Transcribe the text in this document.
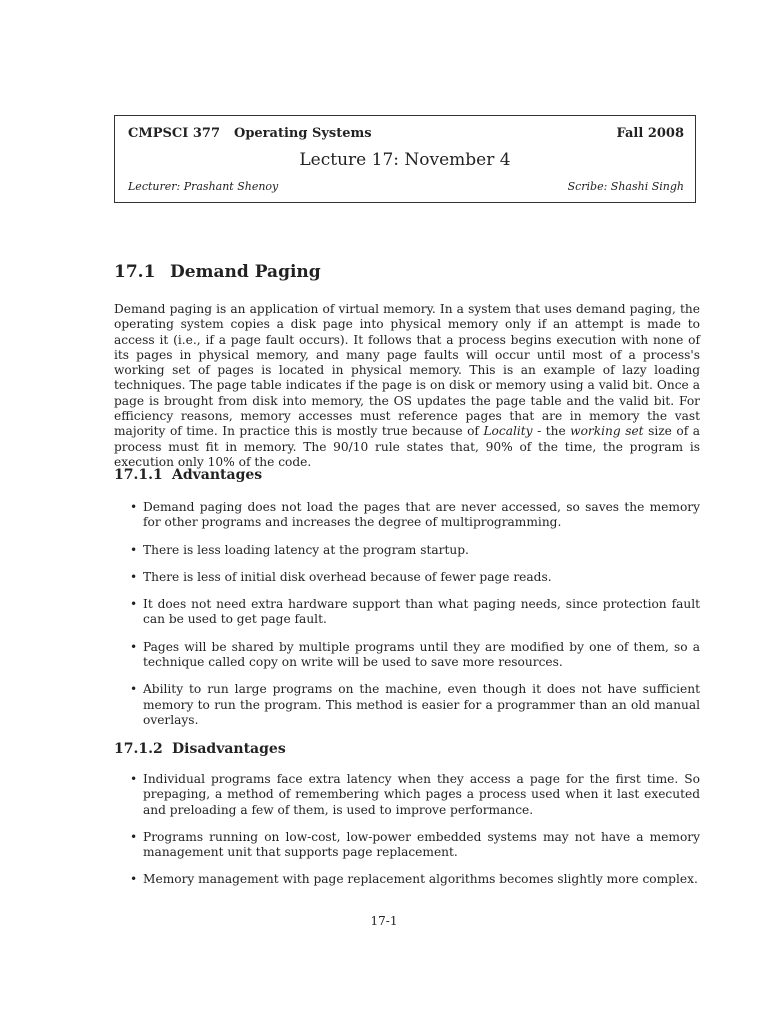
CMPSCI 377 Operating Systems	Fall 2008
Lecture 17: November 4
Lecturer: Prashant Shenoy	Scribe: Shashi Singh
17.1 Demand Paging

Demand paging is an application of virtual memory. In a system that uses demand paging, the operating system copies a disk page into physical memory only if an attempt is made to access it (i.e., if a page fault occurs). It follows that a process begins execution with none of its pages in physical memory, and many page faults will occur until most of a process's working set of pages is located in physical memory. This is an example of lazy loading techniques. The page table indicates if the page is on disk or memory using a valid bit. Once a page is brought from disk into memory, the OS updates the page table and the valid bit. For efficiency reasons, memory accesses must reference pages that are in memory the vast majority of time. In practice this is mostly true because of Locality - the working set size of a process must fit in memory. The 90/10 rule states that, 90% of the time, the program is execution only 10% of the code.

17.1.1 Advantages
• Demand paging does not load the pages that are never accessed, so saves the memory for other programs and increases the degree of multiprogramming.
• There is less loading latency at the program startup.
• There is less of initial disk overhead because of fewer page reads.
• It does not need extra hardware support than what paging needs, since protection fault can be used to get page fault.
• Pages will be shared by multiple programs until they are modified by one of them, so a technique called copy on write will be used to save more resources.
• Ability to run large programs on the machine, even though it does not have sufficient memory to run the program. This method is easier for a programmer than an old manual overlays.
17.1.2 Disadvantages
• Individual programs face extra latency when they access a page for the first time. So prepaging, a method of remembering which pages a process used when it last executed and preloading a few of them, is used to improve performance.
• Programs running on low-cost, low-power embedded systems may not have a memory management unit that supports page replacement.
• Memory management with page replacement algorithms becomes slightly more complex.
17-1
